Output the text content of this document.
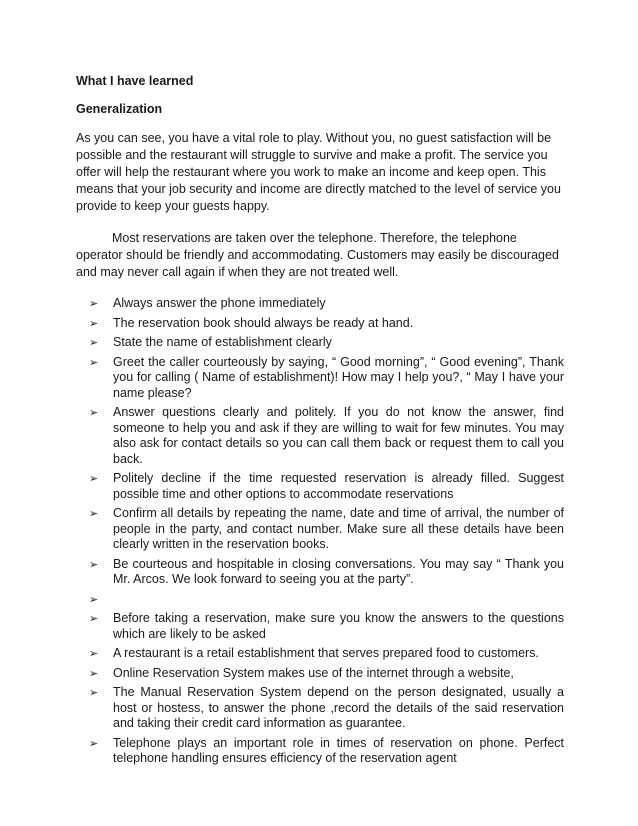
What I have learned

Generalization

As you can see, you have a vital role to play. Without you, no guest satisfaction will be possible and the restaurant will struggle to survive and make a profit. The service you offer will help the restaurant where you work to make an income and keep open. This means that your job security and income are directly matched to the level of service you provide to keep your guests happy.

Most reservations are taken over the telephone. Therefore, the telephone operator should be friendly and accommodating. Customers may easily be discouraged and may never call again if when they are not treated well.

➢ Always answer the phone immediately
➢ The reservation book should always be ready at hand.
➢ State the name of establishment clearly
➢ Greet the caller courteously by saying, “ Good morning”, “ Good evening”, Thank you for calling ( Name of establishment)! How may I help you?, “ May I have your name please?
➢ Answer questions clearly and politely. If you do not know the answer, find someone to help you and ask if they are willing to wait for few minutes. You may also ask for contact details so you can call them back or request them to call you back.
➢ Politely decline if the time requested reservation is already filled. Suggest possible time and other options to accommodate reservations
➢ Confirm all details by repeating the name, date and time of arrival, the number of people in the party, and contact number. Make sure all these details have been clearly written in the reservation books.
➢ Be courteous and hospitable in closing conversations. You may say “ Thank you Mr. Arcos. We look forward to seeing you at the party”.
➢
➢ Before taking a reservation, make sure you know the answers to the questions which are likely to be asked
➢ A restaurant is a retail establishment that serves prepared food to customers.
➢ Online Reservation System makes use of the internet through a website,
➢ The Manual Reservation System depend on the person designated, usually a host or hostess, to answer the phone ,record the details of the said reservation and taking their credit card information as guarantee.
➢ Telephone plays an important role in times of reservation on phone. Perfect telephone handling ensures efficiency of the reservation agent
